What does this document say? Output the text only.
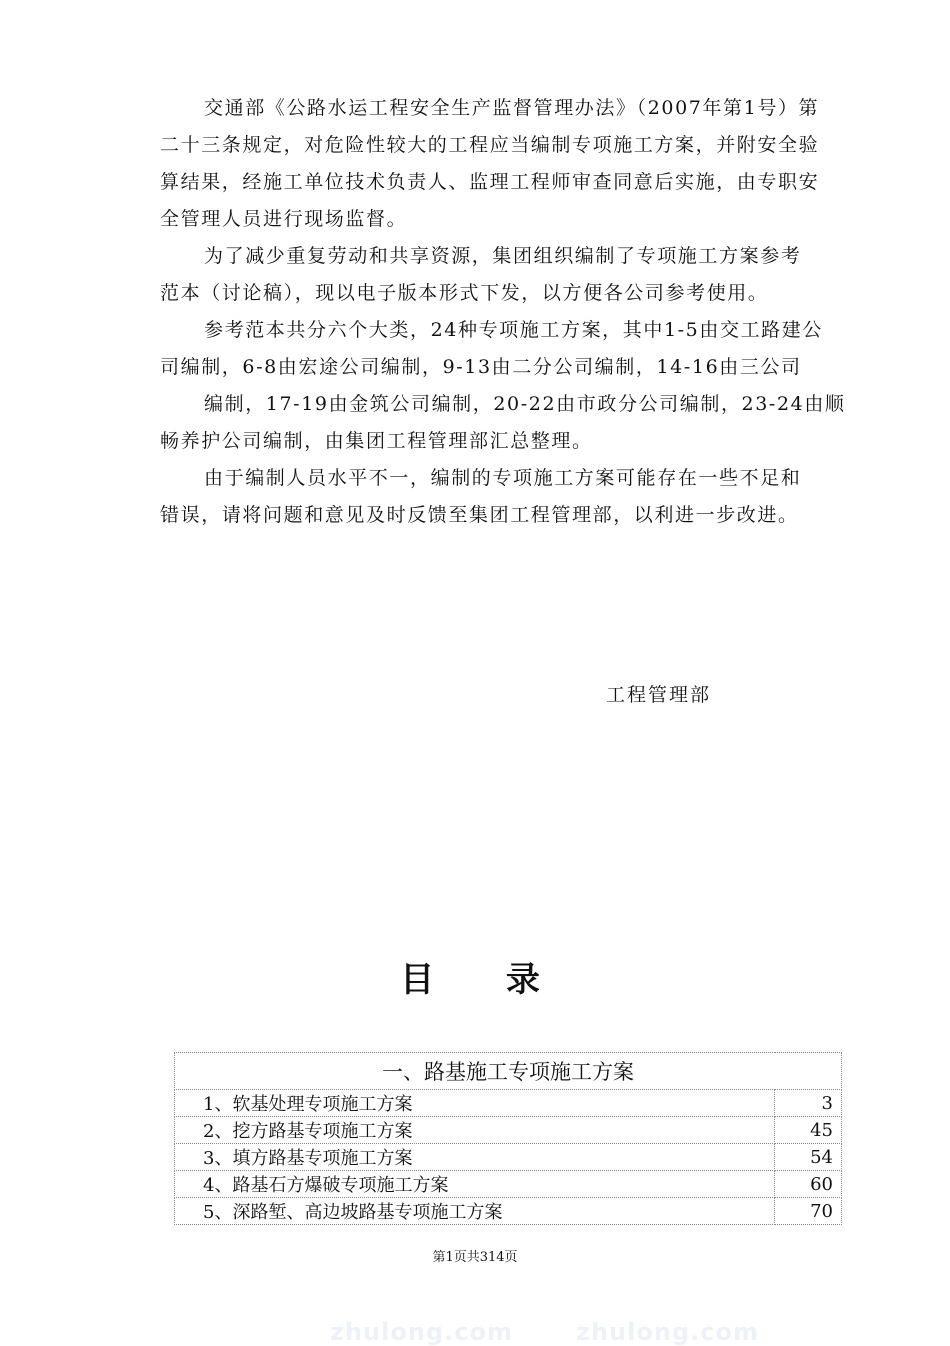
交通部《公路水运工程安全生产监督管理办法》（2007年第1号）第
二十三条规定，对危险性较大的工程应当编制专项施工方案，并附安全验
算结果，经施工单位技术负责人、监理工程师审查同意后实施，由专职安
全管理人员进行现场监督。
为了减少重复劳动和共享资源，集团组织编制了专项施工方案参考
范本（讨论稿），现以电子版本形式下发，以方便各公司参考使用。
参考范本共分六个大类，24种专项施工方案，其中1-5由交工路建公
司编制，6-8由宏途公司编制，9-13由二分公司编制，14-16由三公司
编制，17-19由金筑公司编制，20-22由市政分公司编制，23-24由顺
畅养护公司编制，由集团工程管理部汇总整理。
由于编制人员水平不一，编制的专项施工方案可能存在一些不足和
错误，请将问题和意见及时反馈至集团工程管理部，以利进一步改进。
工程管理部
目 录
一、路基施工专项施工方案	
1、软基处理专项施工方案	3
2、挖方路基专项施工方案	45
3、填方路基专项施工方案	54
4、路基石方爆破专项施工方案	60
5、深路堑、高边坡路基专项施工方案	70
第1页共314页
zhulong.com	zhulong.com
